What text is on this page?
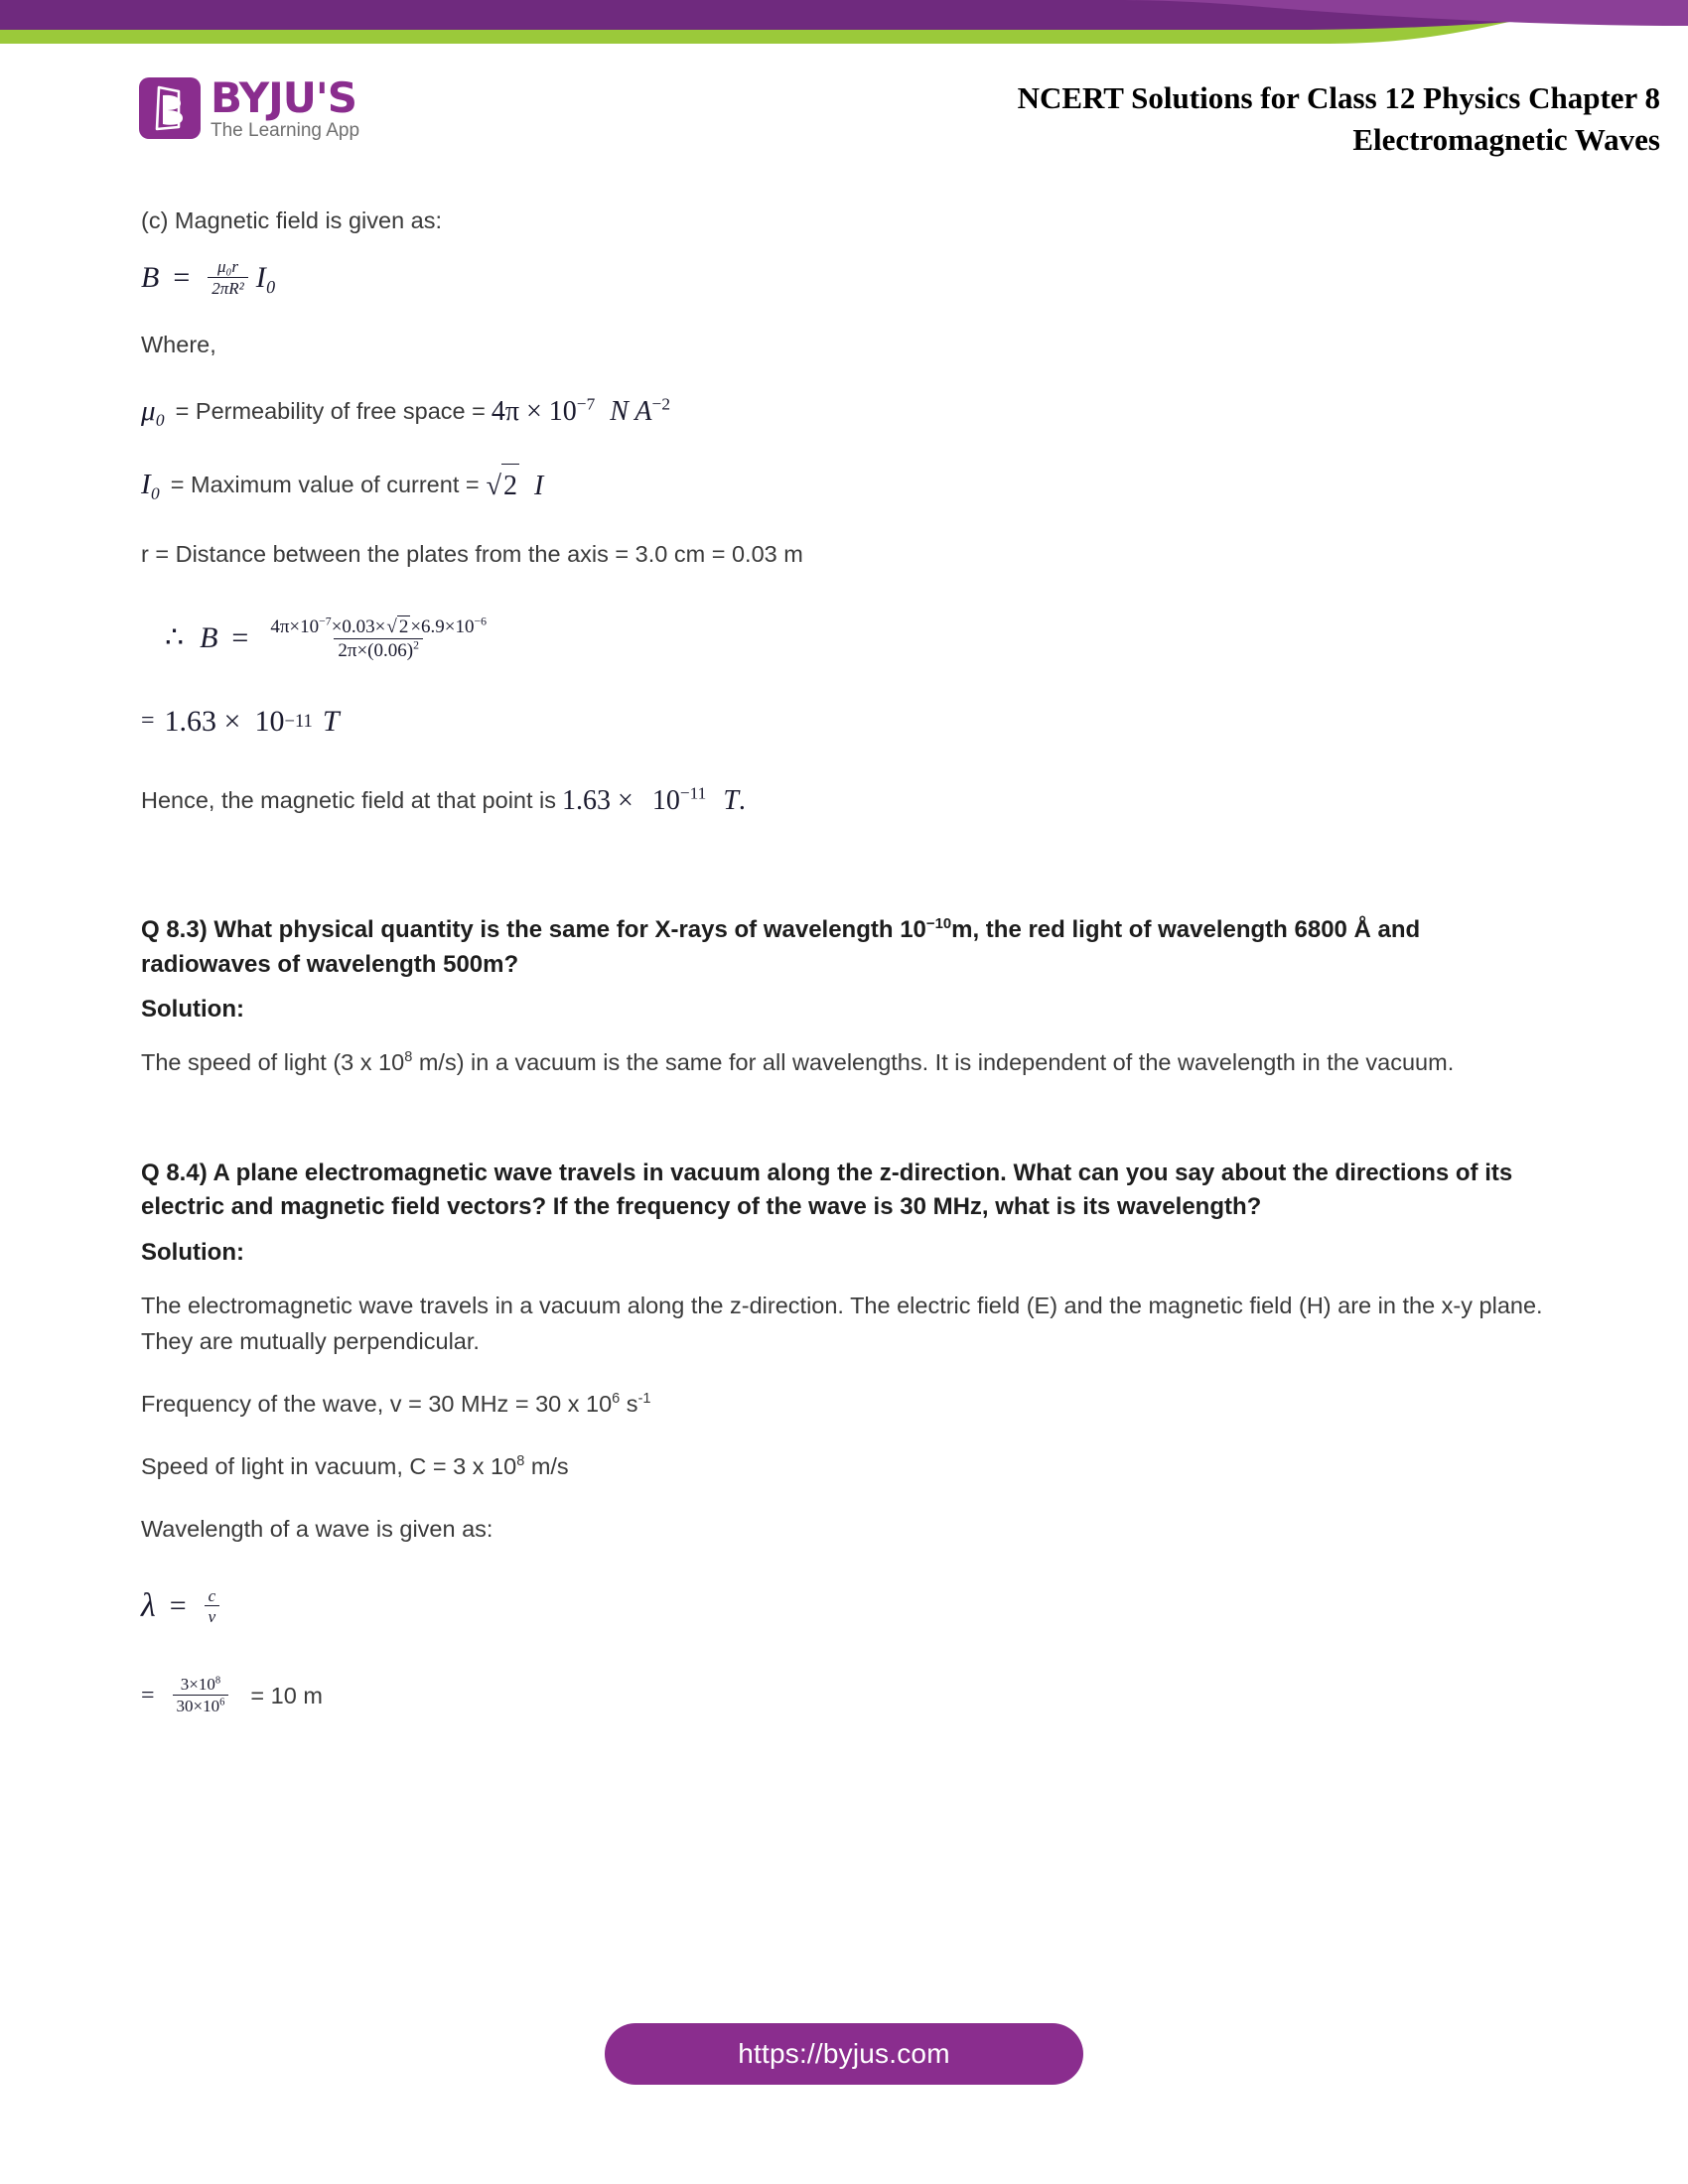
BYJU'S
The Learning App
NCERT Solutions for Class 12 Physics Chapter 8
Electromagnetic Waves

(c) Magnetic field is given as:

$B = \frac{\text{μ₀r}}{\text{2πR²}} I_0$

Where,

μ₀ = Permeability of free space = $4\pi \times 10^{-7}$ N $A^{-2}$
I₀ = Maximum value of current = √2 I

r = Distance between the plates from the axis = 3.0 cm = 0.03 m

∴ $B = \frac{4\pi\times 10^{-7}\times 0.03\times√ 2 \times 6.9\times 10^{-6}}{2\pi\times(0.06)^2}$
= 1.63 × 10 −11 T
Hence, the magnetic field at that point is $1.63 \times 10^{-11}$ T.
Q 8.3) What physical quantity is the same for X-rays of wavelength $10^{-10}m$, the red light of wavelength 6800 Å and radiowaves of wavelength 500m?
Solution:

The speed of light (3 x $10^8$ m/s) in a vacuum is the same for all wavelengths. It is independent of the wavelength in the vacuum.

Q 8.4) A plane electromagnetic wave travels in vacuum along the z-direction. What can you say about the directions of its electric and magnetic field vectors? If the frequency of the wave is 30 MHz, what is its wavelength?
Solution:

The electromagnetic wave travels in a vacuum along the z-direction. The electric field (E) and the magnetic field (H) are in the x-y plane. They are mutually perpendicular.

Frequency of the wave, v = 30 MHz = 30 x $10^6$ $s^{-1}$

Speed of light in vacuum, C = 3 x $10^8$ m/s

Wavelength of a wave is given as:

$\lambda = \frac{c}{v}$
= $\frac{3\times 10^8}{30\times 10^6} = 10$ m
https://byjus.com
